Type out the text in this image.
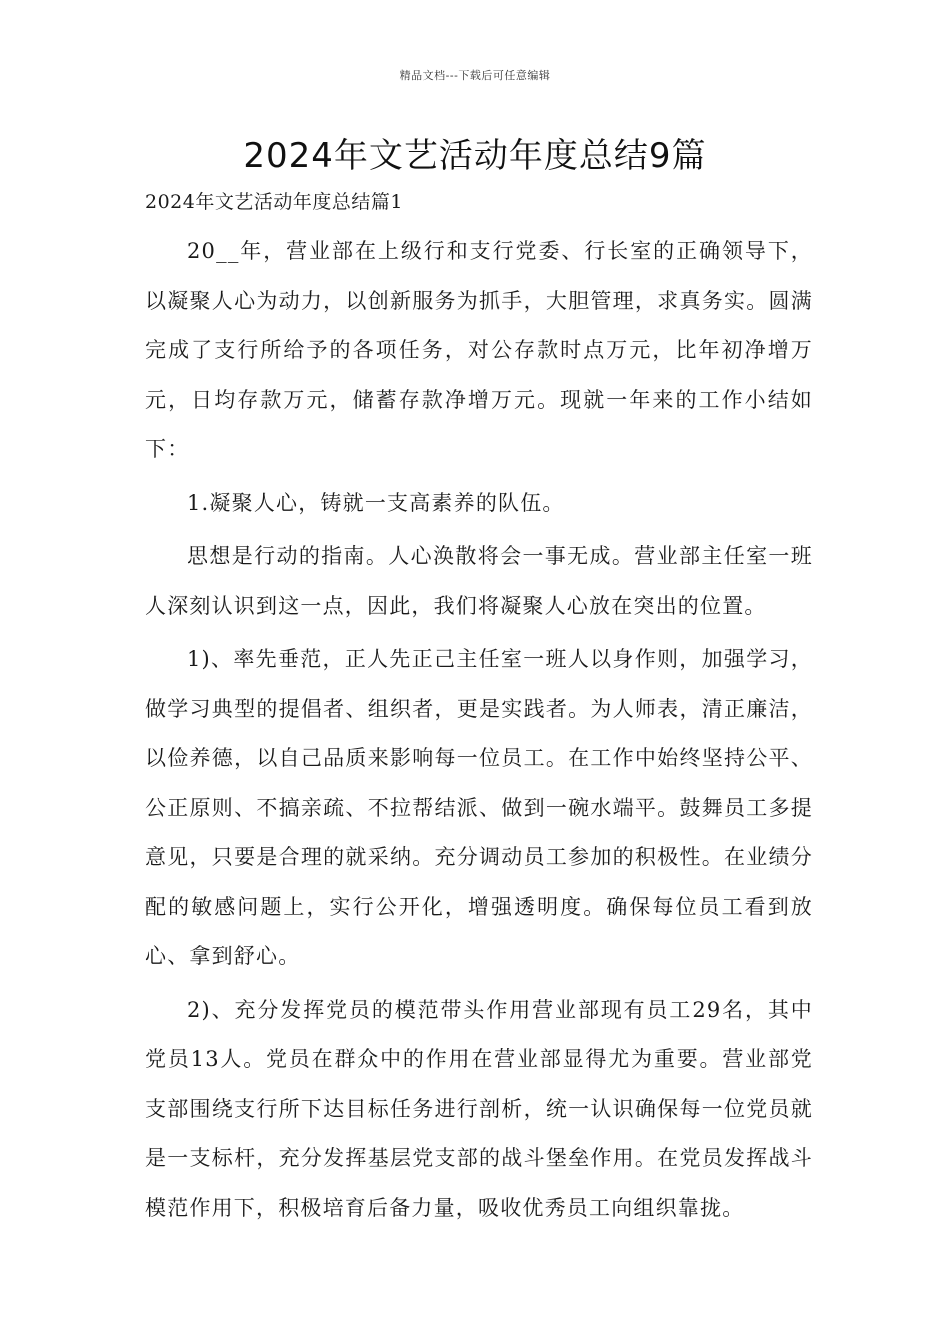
精品文档---下载后可任意编辑
2024年文艺活动年度总结9篇
2024年文艺活动年度总结篇1

20__年，营业部在上级行和支行党委、行长室的正确领导下，以凝聚人心为动力，以创新服务为抓手，大胆管理，求真务实。圆满完成了支行所给予的各项任务，对公存款时点万元，比年初净增万元，日均存款万元，储蓄存款净增万元。现就一年来的工作小结如下：

1.凝聚人心，铸就一支高素养的队伍。

思想是行动的指南。人心涣散将会一事无成。营业部主任室一班人深刻认识到这一点，因此，我们将凝聚人心放在突出的位置。

1)、率先垂范，正人先正己主任室一班人以身作则，加强学习，做学习典型的提倡者、组织者，更是实践者。为人师表，清正廉洁，以俭养德，以自己品质来影响每一位员工。在工作中始终坚持公平、公正原则、不搞亲疏、不拉帮结派、做到一碗水端平。鼓舞员工多提意见，只要是合理的就采纳。充分调动员工参加的积极性。在业绩分配的敏感问题上，实行公开化，增强透明度。确保每位员工看到放心、拿到舒心。

2)、充分发挥党员的模范带头作用营业部现有员工29名，其中党员13人。党员在群众中的作用在营业部显得尤为重要。营业部党支部围绕支行所下达目标任务进行剖析，统一认识确保每一位党员就是一支标杆，充分发挥基层党支部的战斗堡垒作用。在党员发挥战斗模范作用下，积极培育后备力量，吸收优秀员工向组织靠拢。
